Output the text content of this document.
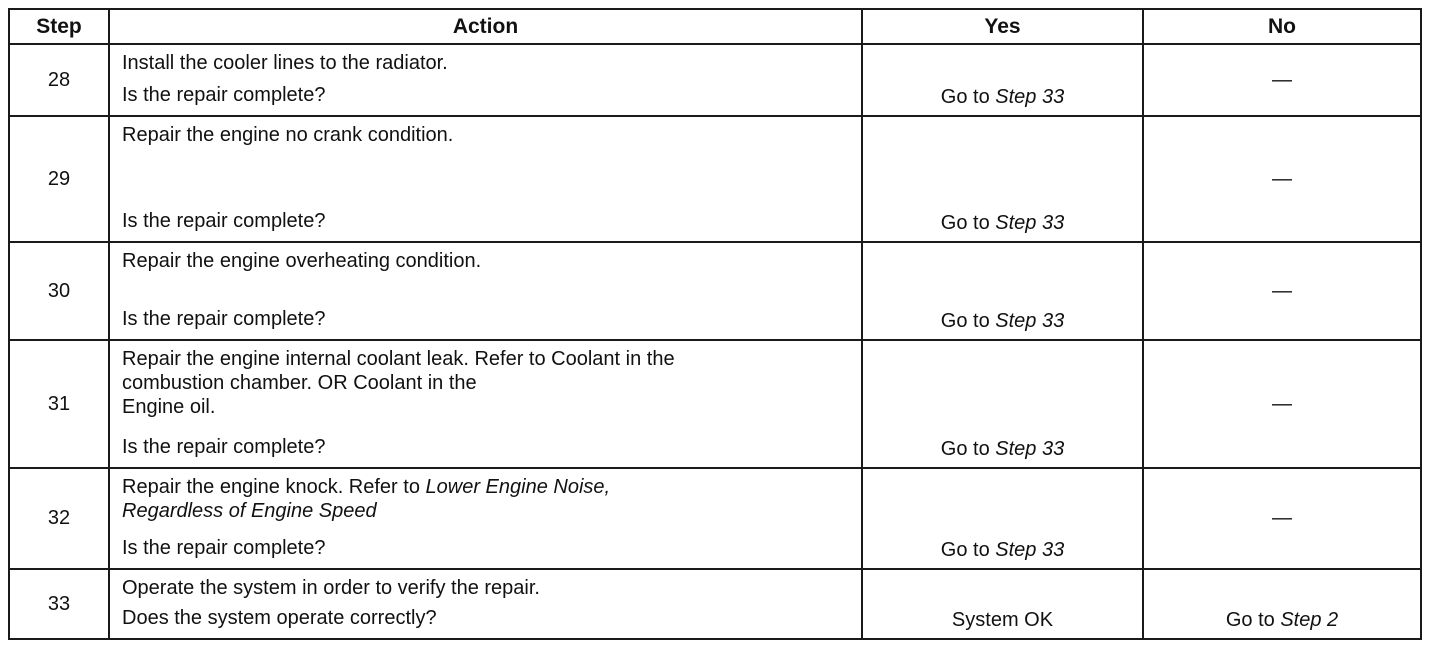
Step	Action	Yes	No
28	Install the cooler lines to the radiator.
Is the repair complete?	Go to Step 33	—
29	Repair the engine no crank condition.
Is the repair complete?	Go to Step 33	—
30	Repair the engine overheating condition.
Is the repair complete?	Go to Step 33	—
31	Repair the engine internal coolant leak. Refer to Coolant in the
combustion chamber. OR Coolant in the
Engine oil.
Is the repair complete?	Go to Step 33	—
32	Repair the engine knock. Refer to Lower Engine Noise,
Regardless of Engine Speed
Is the repair complete?	Go to Step 33	—
33	Operate the system in order to verify the repair.
Does the system operate correctly?	System OK	Go to Step 2
